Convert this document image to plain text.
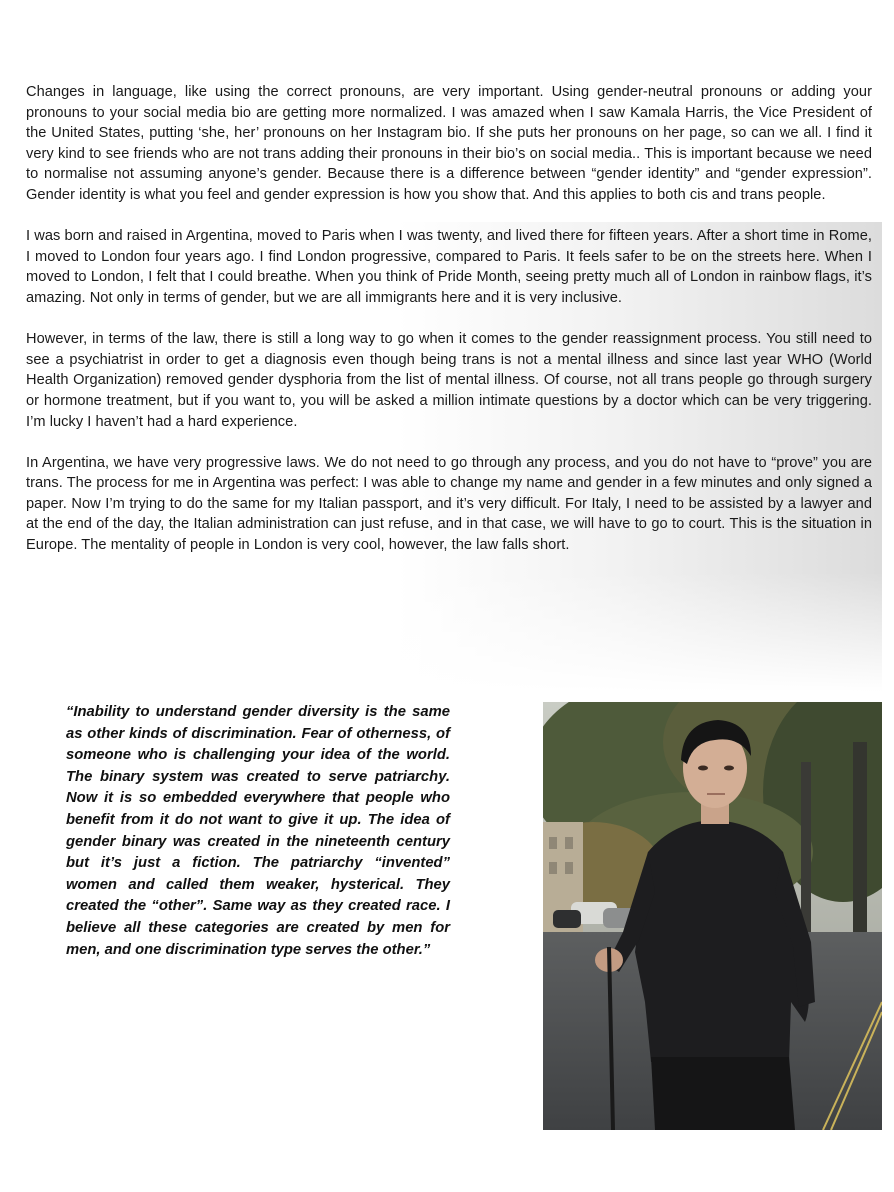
Changes in language, like using the correct pronouns, are very important. Using gender-neutral pronouns or adding your pronouns to your social media bio are getting more normalized. I was amazed when I saw Kamala Harris, the Vice President of the United States, putting ‘she, her’ pronouns on her Instagram bio. If she puts her pronouns on her page, so can we all. I find it very kind to see friends who are not trans adding their pronouns in their bio’s on social media.. This is important because we need to normalise not assuming anyone’s gender. Because there is a difference between “gender identity” and “gender expression”. Gender identity is what you feel and gender expression is how you show that. And this applies to both cis and trans people.

I was born and raised in Argentina, moved to Paris when I was twenty, and lived there for fifteen years. After a short time in Rome, I moved to London four years ago. I find London progressive, compared to Paris. It feels safer to be on the streets here. When I moved to London, I felt that I could breathe. When you think of Pride Month, seeing pretty much all of London in rainbow flags, it’s amazing. Not only in terms of gender, but we are all immigrants here and it is very inclusive.

However, in terms of the law, there is still a long way to go when it comes to the gender reassignment process. You still need to see a psychiatrist in order to get a diagnosis even though being trans is not a mental illness and since last year WHO (World Health Organization) removed gender dysphoria from the list of mental illness. Of course, not all trans people go through surgery or hormone treatment, but if you want to, you will be asked a million intimate questions by a doctor which can be very triggering. I’m lucky I haven’t had a hard experience.

In Argentina, we have very progressive laws. We do not need to go through any process, and you do not have to “prove” you are trans. The process for me in Argentina was perfect: I was able to change my name and gender in a few minutes and only signed a paper. Now I’m trying to do the same for my Italian passport, and it’s very difficult. For Italy, I need to be assisted by a lawyer and at the end of the day, the Italian administration can just refuse, and in that case, we will have to go to court. This is the situation in Europe. The mentality of people in London is very cool, however, the law falls short.

“Inability to understand gender diversity is the same as other kinds of discrimination. Fear of otherness, of someone who is challenging your idea of the world. The binary system was created to serve patriarchy. Now it is so embedded everywhere that people who benefit from it do not want to give it up. The idea of gender binary was created in the nineteenth century but it’s just a fiction. The patriarchy “invented” women and called them weaker, hysterical. They created the “other”. Same way as they created race. I believe all these categories are created by men for men, and one discrimination type serves the other.”
